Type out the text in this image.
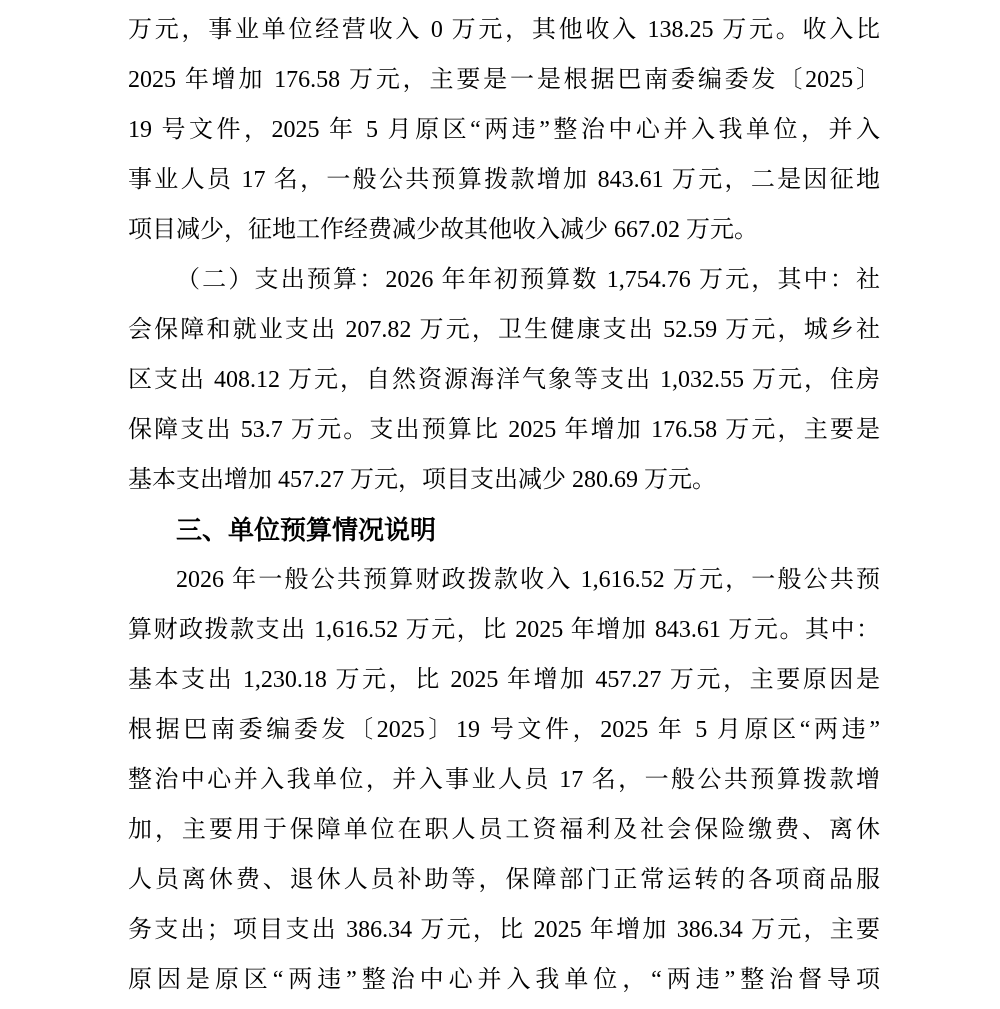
万元，事业单位经营收入 0 万元，其他收入 138.25 万元。收入比
2025 年增加 176.58 万元，主要是一是根据巴南委编委发〔2025〕
19 号文件，2025 年 5 月原区“两违”整治中心并入我单位，并入
事业人员 17 名，一般公共预算拨款增加 843.61 万元，二是因征地
项目减少，征地工作经费减少故其他收入减少 667.02 万元。
（二）支出预算：2026 年年初预算数 1,754.76 万元，其中：社
会保障和就业支出 207.82 万元，卫生健康支出 52.59 万元，城乡社
区支出 408.12 万元，自然资源海洋气象等支出 1,032.55 万元，住房
保障支出 53.7 万元。支出预算比 2025 年增加 176.58 万元，主要是
基本支出增加 457.27 万元，项目支出减少 280.69 万元。
三、单位预算情况说明
2026 年一般公共预算财政拨款收入 1,616.52 万元，一般公共预
算财政拨款支出 1,616.52 万元，比 2025 年增加 843.61 万元。其中：
基本支出 1,230.18 万元，比 2025 年增加 457.27 万元，主要原因是
根据巴南委编委发〔2025〕19 号文件，2025 年 5 月原区“两违”
整治中心并入我单位，并入事业人员 17 名，一般公共预算拨款增
加，主要用于保障单位在职人员工资福利及社会保险缴费、离休
人员离休费、退休人员补助等，保障部门正常运转的各项商品服
务支出；项目支出 386.34 万元，比 2025 年增加 386.34 万元，主要
原因是原区“两违”整治中心并入我单位，“两违”整治督导项
